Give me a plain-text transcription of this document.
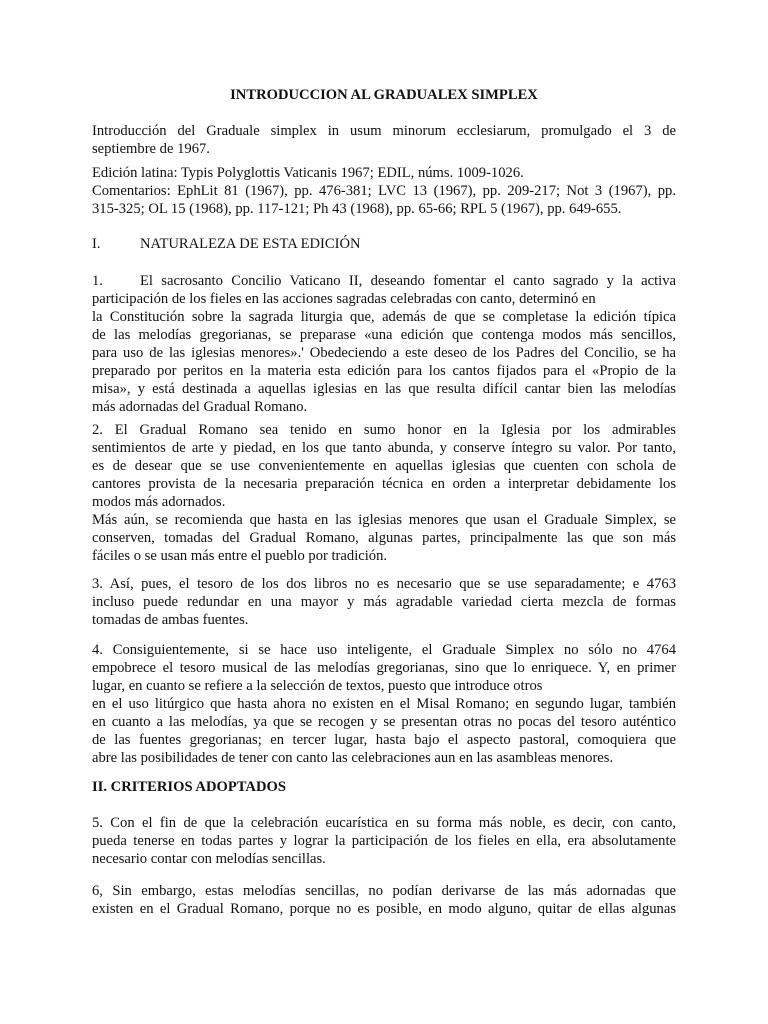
INTRODUCCION AL GRADUALEX SIMPLEX

Introducción del Graduale simplex in usum minorum ecclesiarum, promulgado el 3 de
septiembre de 1967.

Edición latina: Typis Polyglottis Vaticanis 1967; EDIL, núms. 1009-1026.
Comentarios: EphLit 81 (1967), pp. 476-381; LVC 13 (1967), pp. 209-217; Not 3 (1967), pp.
315-325; OL 15 (1968), pp. 117-121; Ph 43 (1968), pp. 65-66; RPL 5 (1967), pp. 649-655.

I.	NATURALEZA DE ESTA EDICIÓN

1.	El sacrosanto Concilio Vaticano II, deseando fomentar el canto sagrado y la activa
participación de los fieles en las acciones sagradas celebradas con canto, determinó en
la Constitución sobre la sagrada liturgia que, además de que se completase la edición típica
de las melodías gregorianas, se preparase «una edición que contenga modos más sencillos,
para uso de las iglesias menores».' Obedeciendo a este deseo de los Padres del Concilio, se ha
preparado por peritos en la materia esta edición para los cantos fijados para el «Propio de la
misa», y está destinada a aquellas iglesias en las que resulta difícil cantar bien las melodías
más adornadas del Gradual Romano.

2. El Gradual Romano sea tenido en sumo honor en la Iglesia por los admirables
sentimientos de arte y piedad, en los que tanto abunda, y conserve íntegro su valor. Por tanto,
es de desear que se use convenientemente en aquellas iglesias que cuenten con schola de
cantores provista de la necesaria preparación técnica en orden a interpretar debidamente los
modos más adornados.
Más aún, se recomienda que hasta en las iglesias menores que usan el Graduale Simplex, se
conserven, tomadas del Gradual Romano, algunas partes, principalmente las que son más
fáciles o se usan más entre el pueblo por tradición.

3. Así, pues, el tesoro de los dos libros no es necesario que se use separadamente; e 4763
incluso puede redundar en una mayor y más agradable variedad cierta mezcla de formas
tomadas de ambas fuentes.

4. Consiguientemente, si se hace uso inteligente, el Graduale Simplex no sólo no 4764
empobrece el tesoro musical de las melodías gregorianas, sino que lo enriquece. Y, en primer
lugar, en cuanto se refiere a la selección de textos, puesto que introduce otros
en el uso litúrgico que hasta ahora no existen en el Misal Romano; en segundo lugar, también
en cuanto a las melodías, ya que se recogen y se presentan otras no pocas del tesoro auténtico
de las fuentes gregorianas; en tercer lugar, hasta bajo el aspecto pastoral, comoquiera que
abre las posibilidades de tener con canto las celebraciones aun en las asambleas menores.

II. CRITERIOS ADOPTADOS

5. Con el fin de que la celebración eucarística en su forma más noble, es decir, con canto,
pueda tenerse en todas partes y lograr la participación de los fieles en ella, era absolutamente
necesario contar con melodías sencillas.

6, Sin embargo, estas melodías sencillas, no podían derivarse de las más adornadas que
existen en el Gradual Romano, porque no es posible, en modo alguno, quitar de ellas algunas
